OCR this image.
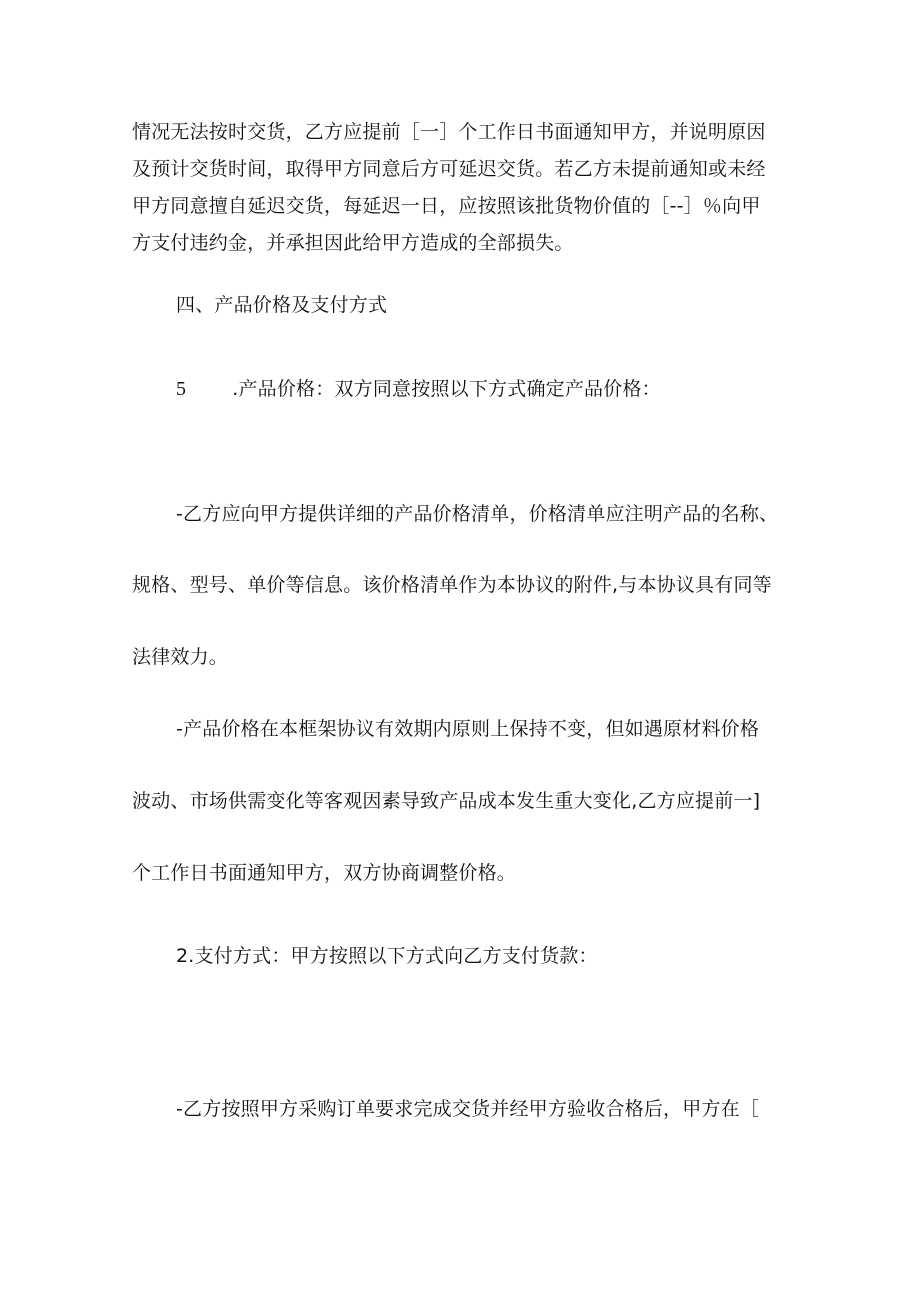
情况无法按时交货，乙方应提前［一］个工作日书面通知甲方，并说明原因
及预计交货时间，取得甲方同意后方可延迟交货。若乙方未提前通知或未经
甲方同意擅自延迟交货，每延迟一日，应按照该批货物价值的［--］％向甲
方支付违约金，并承担因此给甲方造成的全部损失。
四、产品价格及支付方式
5 .产品价格：双方同意按照以下方式确定产品价格：
-乙方应向甲方提供详细的产品价格清单，价格清单应注明产品的名称、
规格、型号、单价等信息。该价格清单作为本协议的附件,与本协议具有同等
法律效力。
-产品价格在本框架协议有效期内原则上保持不变，但如遇原材料价格
波动、市场供需变化等客观因素导致产品成本发生重大变化,乙方应提前一]
个工作日书面通知甲方，双方协商调整价格。
2.支付方式：甲方按照以下方式向乙方支付货款：
-乙方按照甲方采购订单要求完成交货并经甲方验收合格后，甲方在［
